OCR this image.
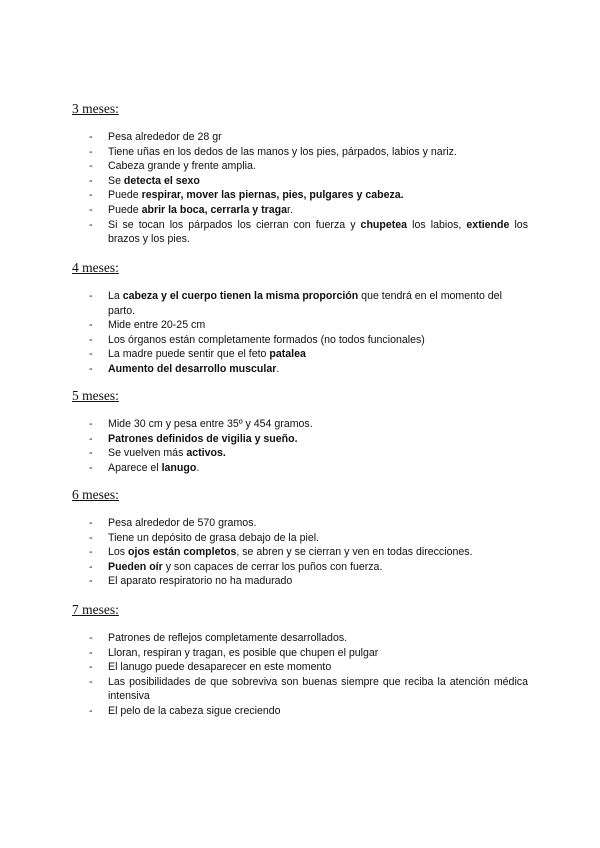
3 meses:
- Pesa alrededor de 28 gr
- Tiene uñas en los dedos de las manos y los pies, párpados, labios y nariz.
- Cabeza grande y frente amplia.
- Se detecta el sexo
- Puede respirar, mover las piernas, pies, pulgares y cabeza.
- Puede abrir la boca, cerrarla y tragar.
- Si se tocan los párpados los cierran con fuerza y chupetea los labios, extiende los brazos y los pies.
4 meses:
- La cabeza y el cuerpo tienen la misma proporción que tendrá en el momento del parto.
- Mide entre 20-25 cm
- Los órganos están completamente formados (no todos funcionales)
- La madre puede sentir que el feto patalea
- Aumento del desarrollo muscular.
5 meses:
- Mide 30 cm y pesa entre 35º y 454 gramos.
- Patrones definidos de vigilia y sueño.
- Se vuelven más activos.
- Aparece el lanugo.
6 meses:
- Pesa alrededor de 570 gramos.
- Tiene un depósito de grasa debajo de la piel.
- Los ojos están completos, se abren y se cierran y ven en todas direcciones.
- Pueden oír y son capaces de cerrar los puños con fuerza.
- El aparato respiratorio no ha madurado
7 meses:
- Patrones de reflejos completamente desarrollados.
- Lloran, respiran y tragan, es posible que chupen el pulgar
- El lanugo puede desaparecer en este momento
- Las posibilidades de que sobreviva son buenas siempre que reciba la atención médica intensiva
- El pelo de la cabeza sigue creciendo
